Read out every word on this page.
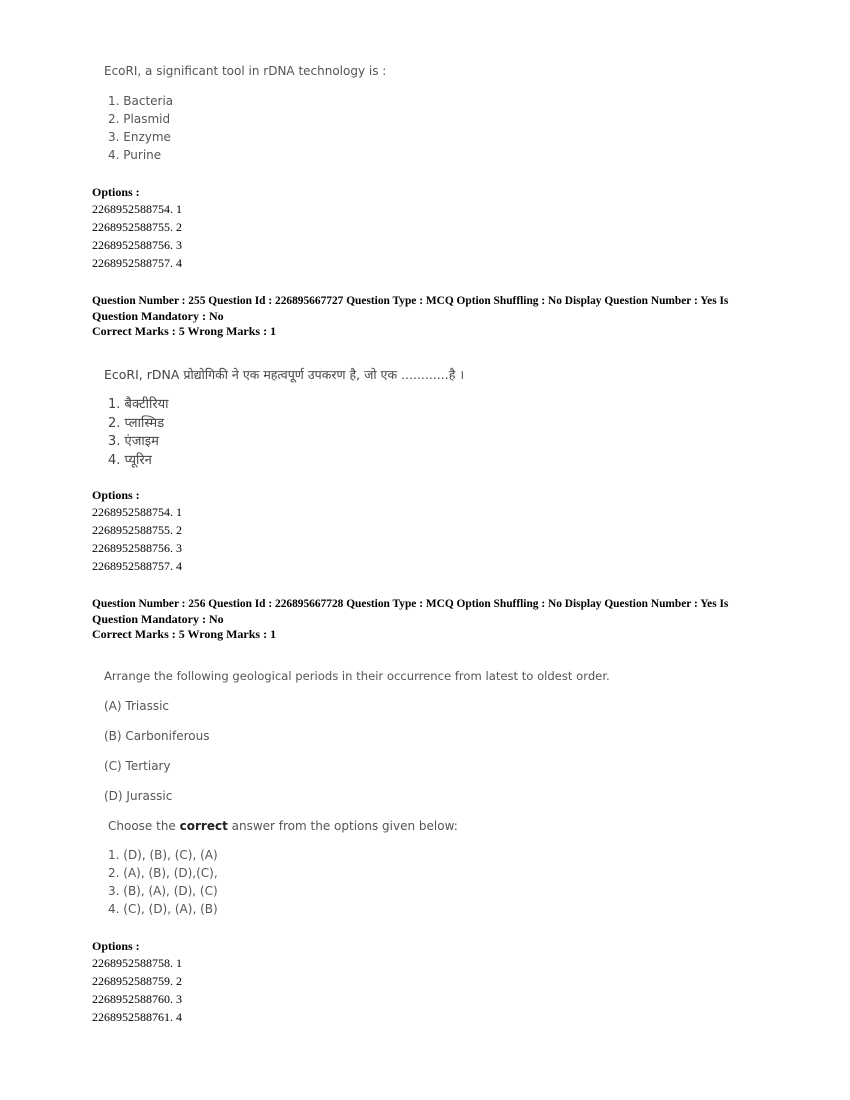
EcoRI, a significant tool in rDNA technology is :
1. Bacteria
2. Plasmid
3. Enzyme
4. Purine
Options :
2268952588754. 1
2268952588755. 2
2268952588756. 3
2268952588757. 4
Question Number : 255 Question Id : 226895667727 Question Type : MCQ Option Shuffling : No Display Question Number : Yes Is
Question Mandatory : No
Correct Marks : 5 Wrong Marks : 1
EcoRI, rDNA प्रोद्योगिकी ने एक महत्वपूर्ण उपकरण है, जो एक ............है ।
1. बैक्टीरिया
2. प्लास्मिड
3. एंजाइम
4. प्यूरिन
Options :
2268952588754. 1
2268952588755. 2
2268952588756. 3
2268952588757. 4
Question Number : 256 Question Id : 226895667728 Question Type : MCQ Option Shuffling : No Display Question Number : Yes Is
Question Mandatory : No
Correct Marks : 5 Wrong Marks : 1
Arrange the following geological periods in their occurrence from latest to oldest order.
(A) Triassic
(B) Carboniferous
(C) Tertiary
(D) Jurassic
Choose the correct answer from the options given below:
1. (D), (B), (C), (A)
2. (A), (B), (D),(C),
3. (B), (A), (D), (C)
4. (C), (D), (A), (B)
Options :
2268952588758. 1
2268952588759. 2
2268952588760. 3
2268952588761. 4
